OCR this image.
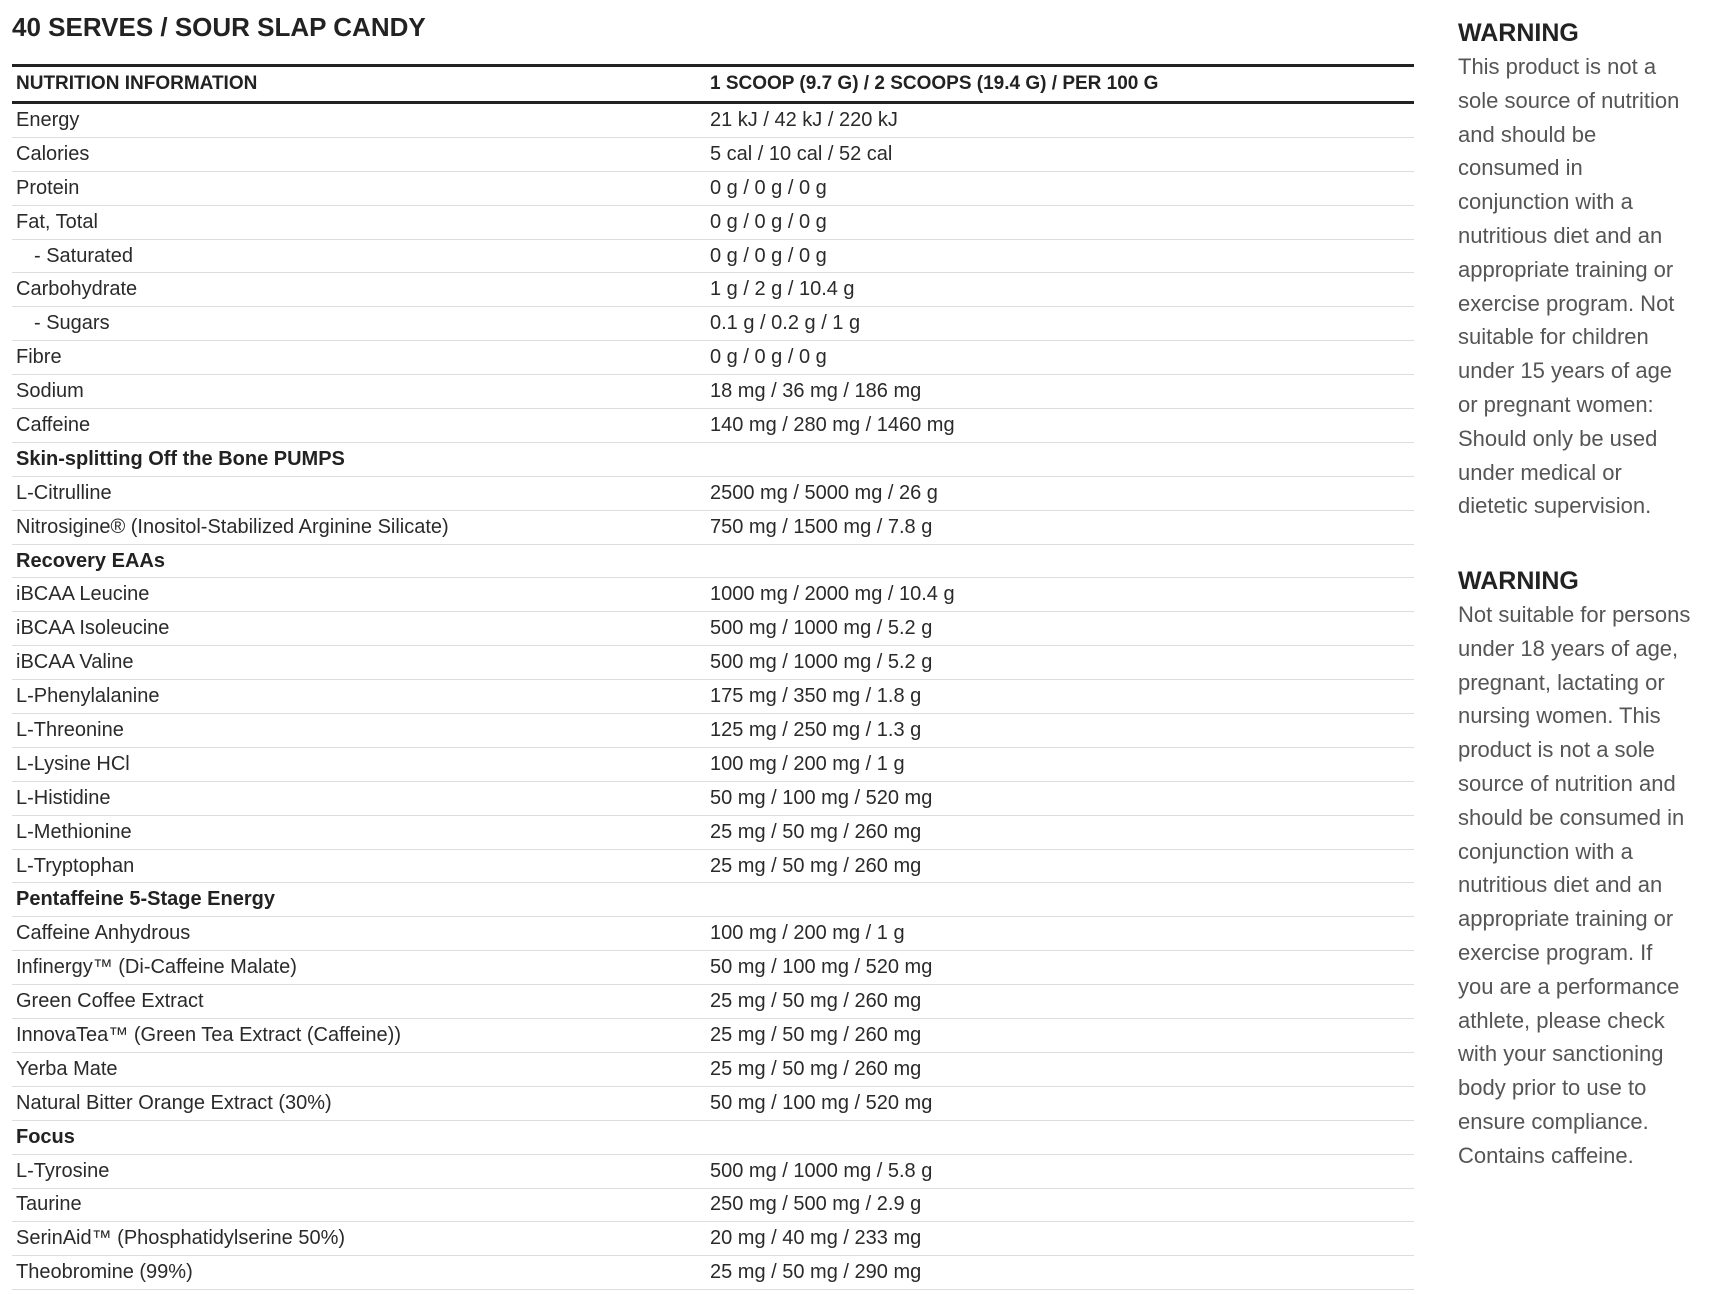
40 SERVES / SOUR SLAP CANDY
NUTRITION INFORMATION	1 SCOOP (9.7 G) / 2 SCOOPS (19.4 G) / PER 100 G
Energy	21 kJ / 42 kJ / 220 kJ
Calories	5 cal / 10 cal / 52 cal
Protein	0 g / 0 g / 0 g
Fat, Total	0 g / 0 g / 0 g
- Saturated	0 g / 0 g / 0 g
Carbohydrate	1 g / 2 g / 10.4 g
- Sugars	0.1 g / 0.2 g / 1 g
Fibre	0 g / 0 g / 0 g
Sodium	18 mg / 36 mg / 186 mg
Caffeine	140 mg / 280 mg / 1460 mg
Skin-splitting Off the Bone PUMPS	
L-Citrulline	2500 mg / 5000 mg / 26 g
Nitrosigine® (Inositol-Stabilized Arginine Silicate)	750 mg / 1500 mg / 7.8 g
Recovery EAAs	
iBCAA Leucine	1000 mg / 2000 mg / 10.4 g
iBCAA Isoleucine	500 mg / 1000 mg / 5.2 g
iBCAA Valine	500 mg / 1000 mg / 5.2 g
L-Phenylalanine	175 mg / 350 mg / 1.8 g
L-Threonine	125 mg / 250 mg / 1.3 g
L-Lysine HCl	100 mg / 200 mg / 1 g
L-Histidine	50 mg / 100 mg / 520 mg
L-Methionine	25 mg / 50 mg / 260 mg
L-Tryptophan	25 mg / 50 mg / 260 mg
Pentaffeine 5-Stage Energy	
Caffeine Anhydrous	100 mg / 200 mg / 1 g
Infinergy™ (Di-Caffeine Malate)	50 mg / 100 mg / 520 mg
Green Coffee Extract	25 mg / 50 mg / 260 mg
InnovaTea™ (Green Tea Extract (Caffeine))	25 mg / 50 mg / 260 mg
Yerba Mate	25 mg / 50 mg / 260 mg
Natural Bitter Orange Extract (30%)	50 mg / 100 mg / 520 mg
Focus	
L-Tyrosine	500 mg / 1000 mg / 5.8 g
Taurine	250 mg / 500 mg / 2.9 g
SerinAid™ (Phosphatidylserine 50%)	20 mg / 40 mg / 233 mg
Theobromine (99%)	25 mg / 50 mg / 290 mg
WARNING

This product is not a
sole source of nutrition
and should be
consumed in
conjunction with a
nutritious diet and an
appropriate training or
exercise program. Not
suitable for children
under 15 years of age
or pregnant women:
Should only be used
under medical or
dietetic supervision.

WARNING

Not suitable for persons
under 18 years of age,
pregnant, lactating or
nursing women. This
product is not a sole
source of nutrition and
should be consumed in
conjunction with a
nutritious diet and an
appropriate training or
exercise program. If
you are a performance
athlete, please check
with your sanctioning
body prior to use to
ensure compliance.
Contains caffeine.
